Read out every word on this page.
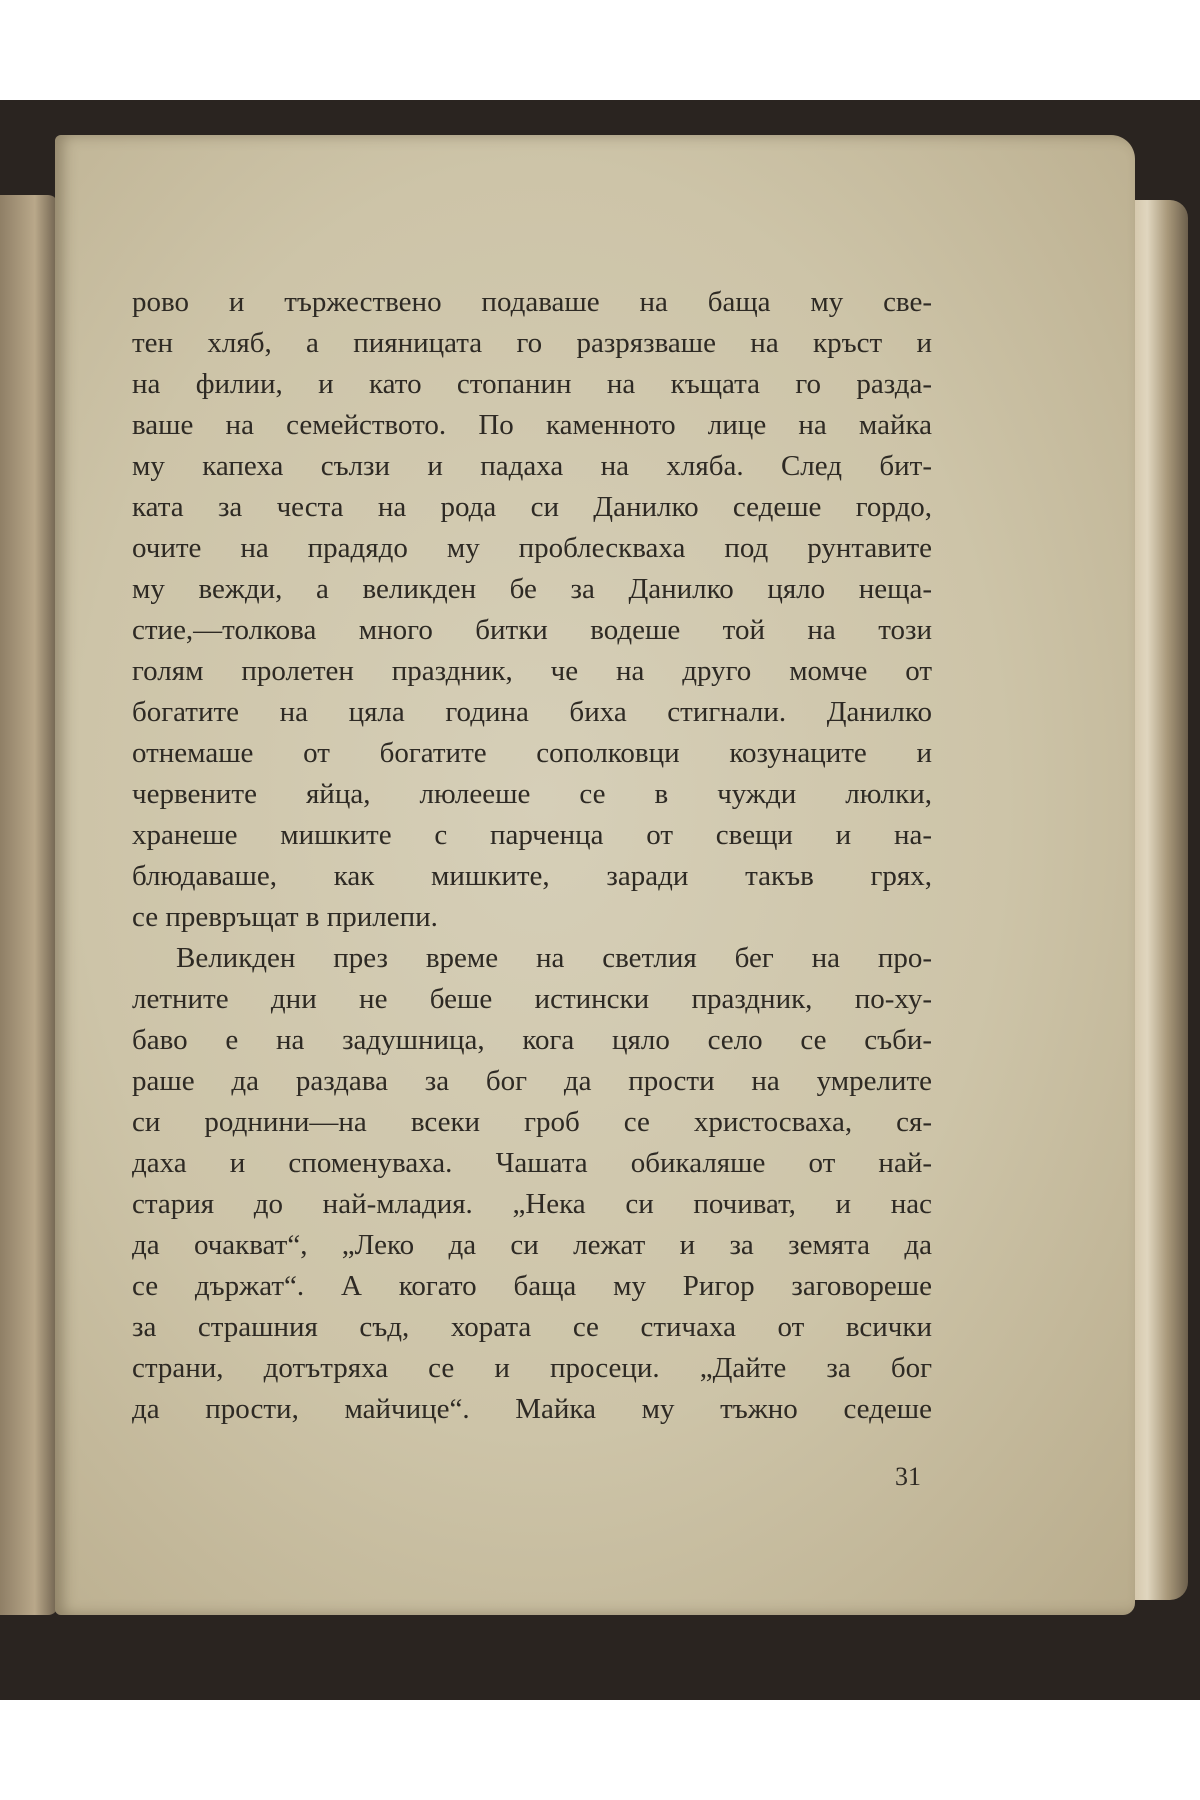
рово и тържествено подаваше на баща му све-
тен хляб, а пияницата го разрязваше на кръст и
на филии, и като стопанин на къщата го разда-
ваше на семейството. По каменното лице на майка
му капеха сълзи и падаха на хляба. След бит-
ката за честа на рода си Данилко седеше гордо,
очите на прадядо му проблескваха под рунтавите
му вежди, а великден бе за Данилко цяло неща-
стие,—толкова много битки водеше той на този
голям пролетен праздник, че на друго момче от
богатите на цяла година биха стигнали. Данилко
отнемаше от богатите сополковци козунаците и
червените яйца, люлееше се в чужди люлки,
хранеше мишките с парченца от свещи и на-
блюдаваше, как мишките, заради такъв грях,
се превръщат в прилепи.
Великден през време на светлия бег на про-
летните дни не беше истински праздник, по-ху-
баво е на задушница, кога цяло село се съби-
раше да раздава за бог да прости на умрелите
си роднини—на всеки гроб се христосваха, ся-
даха и споменуваха. Чашата обикаляше от най-
стария до най-младия. „Нека си почиват, и нас
да очакват“, „Леко да си лежат и за земята да
се държат“. А когато баща му Ригор заговореше
за страшния съд, хората се стичаха от всички
страни, дотътряха се и просеци. „Дайте за бог
да прости, майчице“. Майка му тъжно седеше
31
